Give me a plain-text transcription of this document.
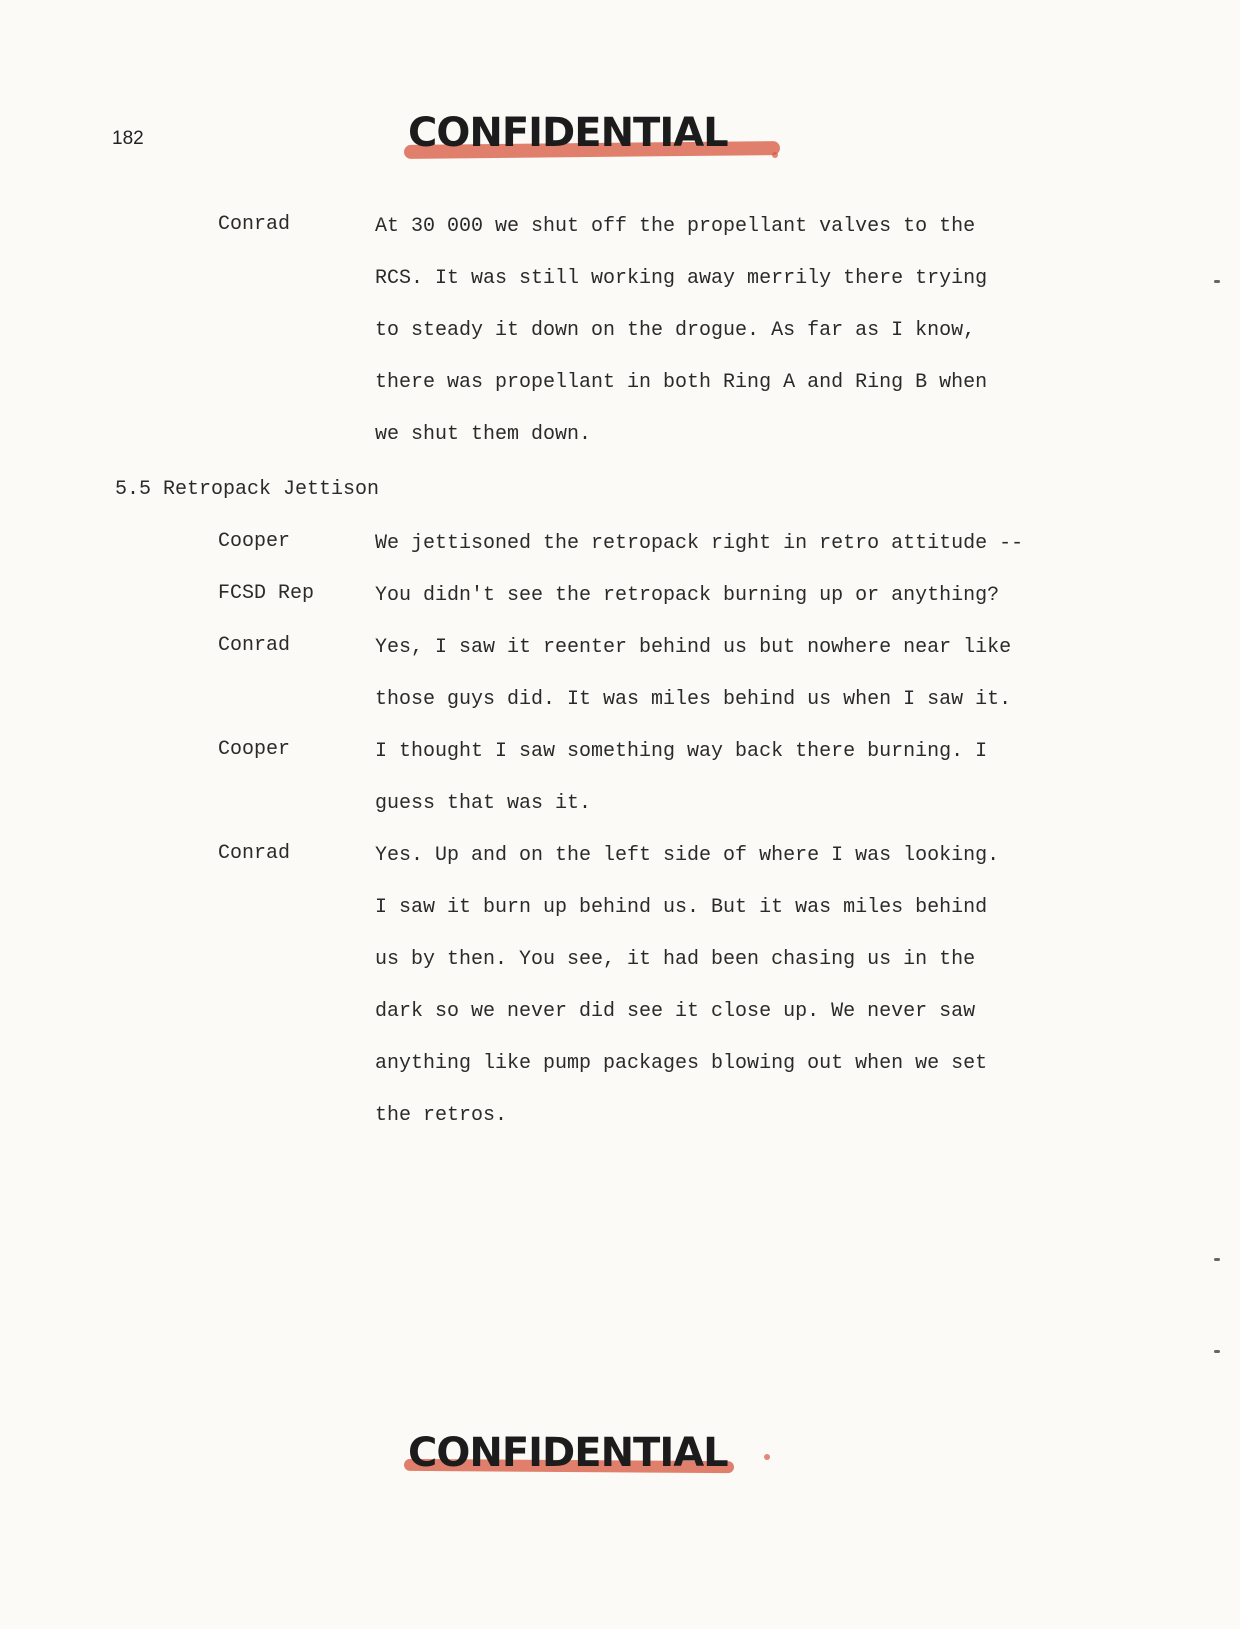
182	CONFIDENTIAL
Conrad	At 30 000 we shut off the propellant valves to the
RCS. It was still working away merrily there trying
to steady it down on the drogue. As far as I know,
there was propellant in both Ring A and Ring B when
we shut them down.
5.5 Retropack Jettison
Cooper	We jettisoned the retropack right in retro attitude --
FCSD Rep	You didn't see the retropack burning up or anything?
Conrad	Yes, I saw it reenter behind us but nowhere near like
those guys did. It was miles behind us when I saw it.
Cooper	I thought I saw something way back there burning. I
guess that was it.
Conrad	Yes. Up and on the left side of where I was looking.
I saw it burn up behind us. But it was miles behind
us by then. You see, it had been chasing us in the
dark so we never did see it close up. We never saw
anything like pump packages blowing out when we set
the retros.
CONFIDENTIAL
